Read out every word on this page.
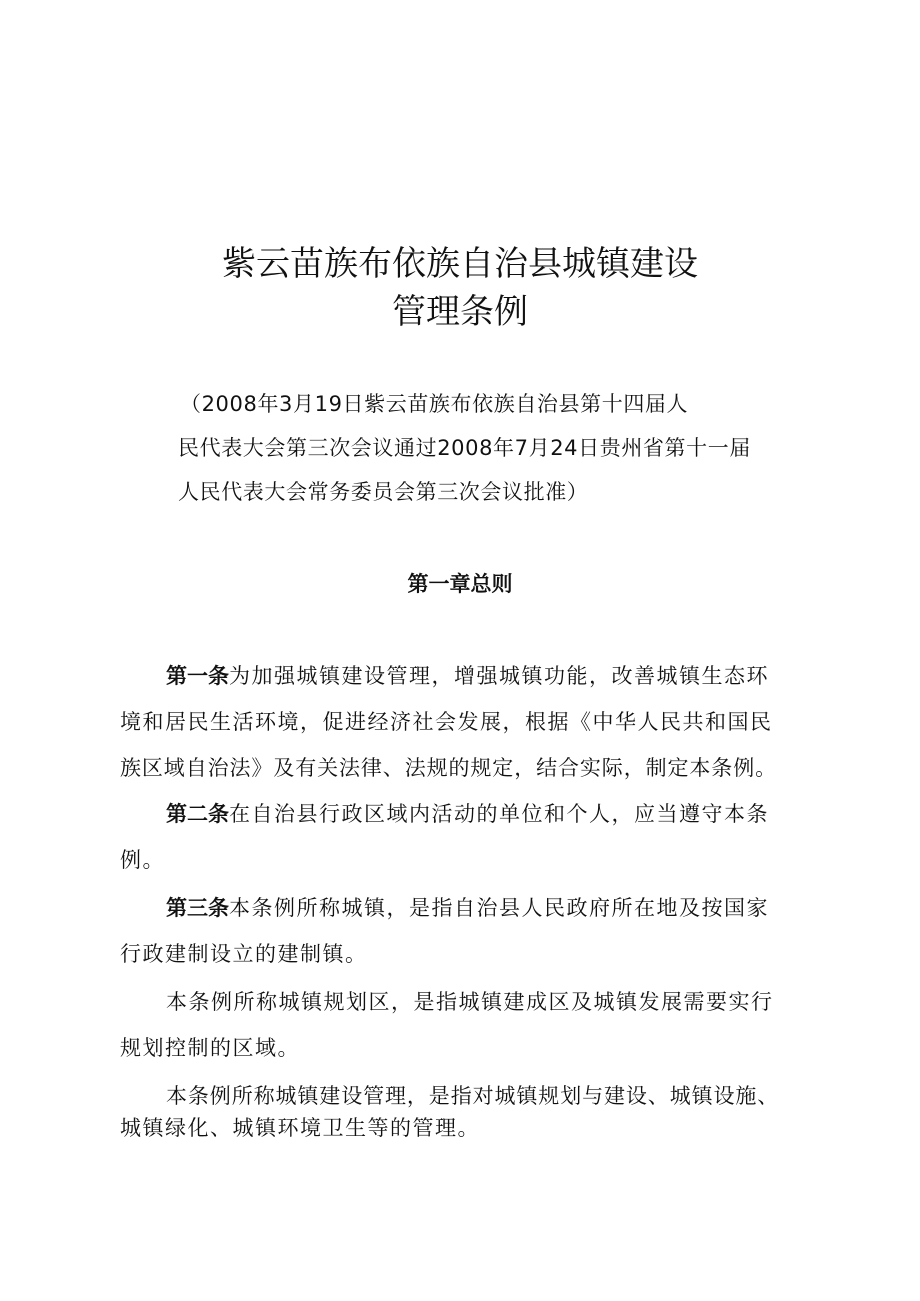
紫云苗族布依族自治县城镇建设
管理条例
（2008年3月19日紫云苗族布依族自治县第十四届人
民代表大会第三次会议通过2008年7月24日贵州省第十一届
人民代表大会常务委员会第三次会议批准）
第一章总则
第一条为加强城镇建设管理，增强城镇功能，改善城镇生态环
境和居民生活环境，促进经济社会发展，根据《中华人民共和国民
族区域自治法》及有关法律、法规的规定，结合实际，制定本条例。
第二条在自治县行政区域内活动的单位和个人，应当遵守本条
例。
第三条本条例所称城镇，是指自治县人民政府所在地及按国家
行政建制设立的建制镇。
本条例所称城镇规划区，是指城镇建成区及城镇发展需要实行
规划控制的区域。
本条例所称城镇建设管理，是指对城镇规划与建设、城镇设施、
城镇绿化、城镇环境卫生等的管理。
